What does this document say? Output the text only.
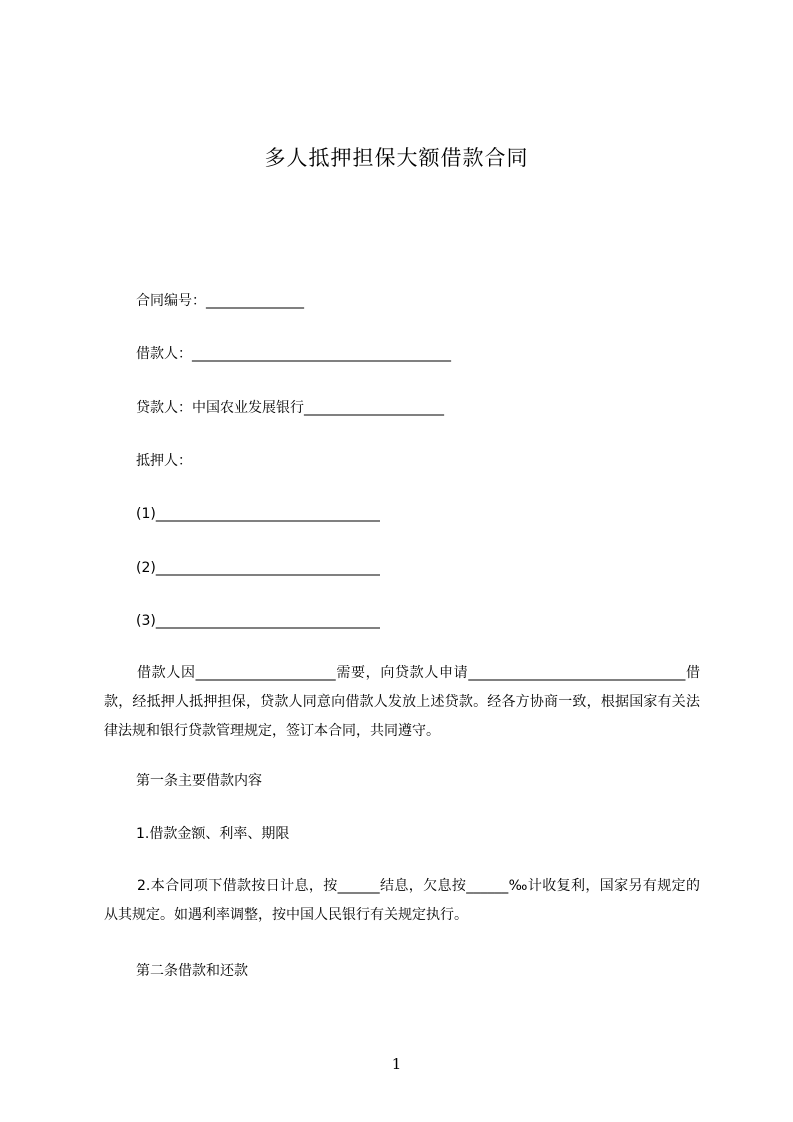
多人抵押担保大额借款合同
合同编号：______________
借款人：_____________________________________
贷款人：中国农业发展银行____________________
抵押人：
(1)________________________________
(2)________________________________
(3)________________________________
借款人因____________________需要，向贷款人申请_______________________________借款，经抵押人抵押担保，贷款人同意向借款人发放上述贷款。经各方协商一致，根据国家有关法律法规和银行贷款管理规定，签订本合同，共同遵守。
第一条主要借款内容
1.借款金额、利率、期限
2.本合同项下借款按日计息，按______结息，欠息按______‰计收复利，国家另有规定的从其规定。如遇利率调整，按中国人民银行有关规定执行。
第二条借款和还款
1
